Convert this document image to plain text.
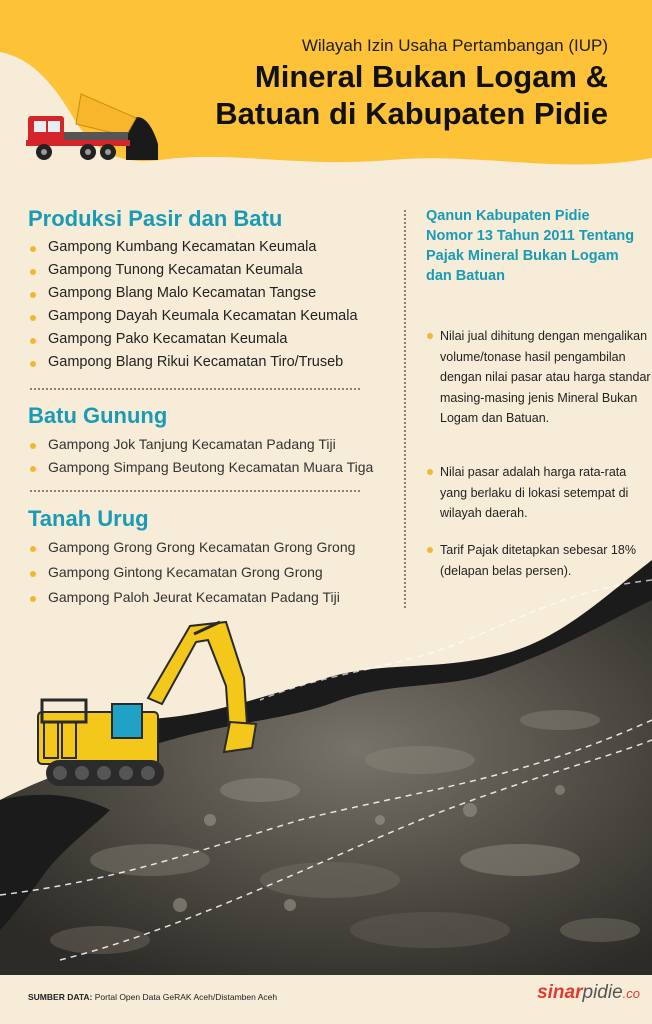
Wilayah Izin Usaha Pertambangan (IUP)
Mineral Bukan Logam &
Batuan di Kabupaten Pidie
Produksi Pasir dan Batu
Gampong Kumbang Kecamatan Keumala
Gampong Tunong Kecamatan Keumala
Gampong Blang Malo Kecamatan Tangse
Gampong Dayah Keumala Kecamatan Keumala
Gampong Pako Kecamatan Keumala
Gampong Blang Rikui Kecamatan Tiro/Truseb
Batu Gunung
Gampong Jok Tanjung Kecamatan Padang Tiji
Gampong Simpang Beutong Kecamatan Muara Tiga
Tanah Urug
Gampong Grong Grong Kecamatan Grong Grong
Gampong Gintong Kecamatan Grong Grong
Gampong Paloh Jeurat Kecamatan Padang Tiji
Qanun Kabupaten Pidie Nomor 13 Tahun 2011 Tentang Pajak Mineral Bukan Logam dan Batuan
Nilai jual dihitung dengan mengalikan volume/tonase hasil pengambilan dengan nilai pasar atau harga standar masing-masing jenis Mineral Bukan Logam dan Batuan.
Nilai pasar adalah harga rata-rata yang berlaku di lokasi setempat di wilayah daerah.
Tarif Pajak ditetapkan sebesar 18% (delapan belas persen).
SUMBER DATA: Portal Open Data GeRAK Aceh/Distamben Aceh	sinarpidie.co
